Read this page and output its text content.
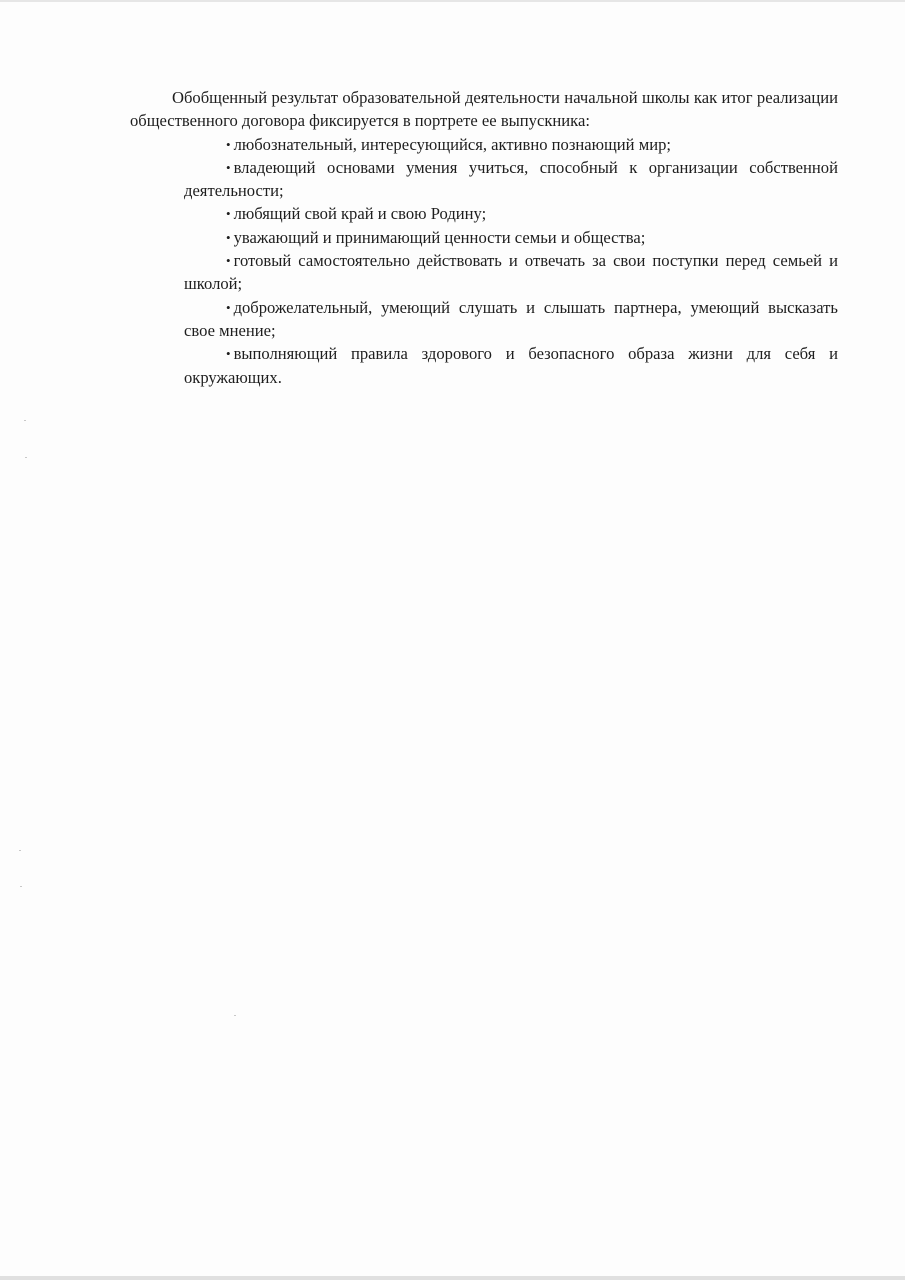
Обобщенный результат образовательной деятельности начальной школы как итог реализации общественного договора фиксируется в портрете ее выпускника:

• любознательный, интересующийся, активно познающий мир;
• владеющий основами умения учиться, способный к организации собственной деятельности;
• любящий свой край и свою Родину;
• уважающий и принимающий ценности семьи и общества;
• готовый самостоятельно действовать и отвечать за свои поступки перед семьей и школой;
• доброжелательный, умеющий слушать и слышать партнера, умеющий высказать свое мнение;
• выполняющий правила здорового и безопасного образа жизни для себя и окружающих.
